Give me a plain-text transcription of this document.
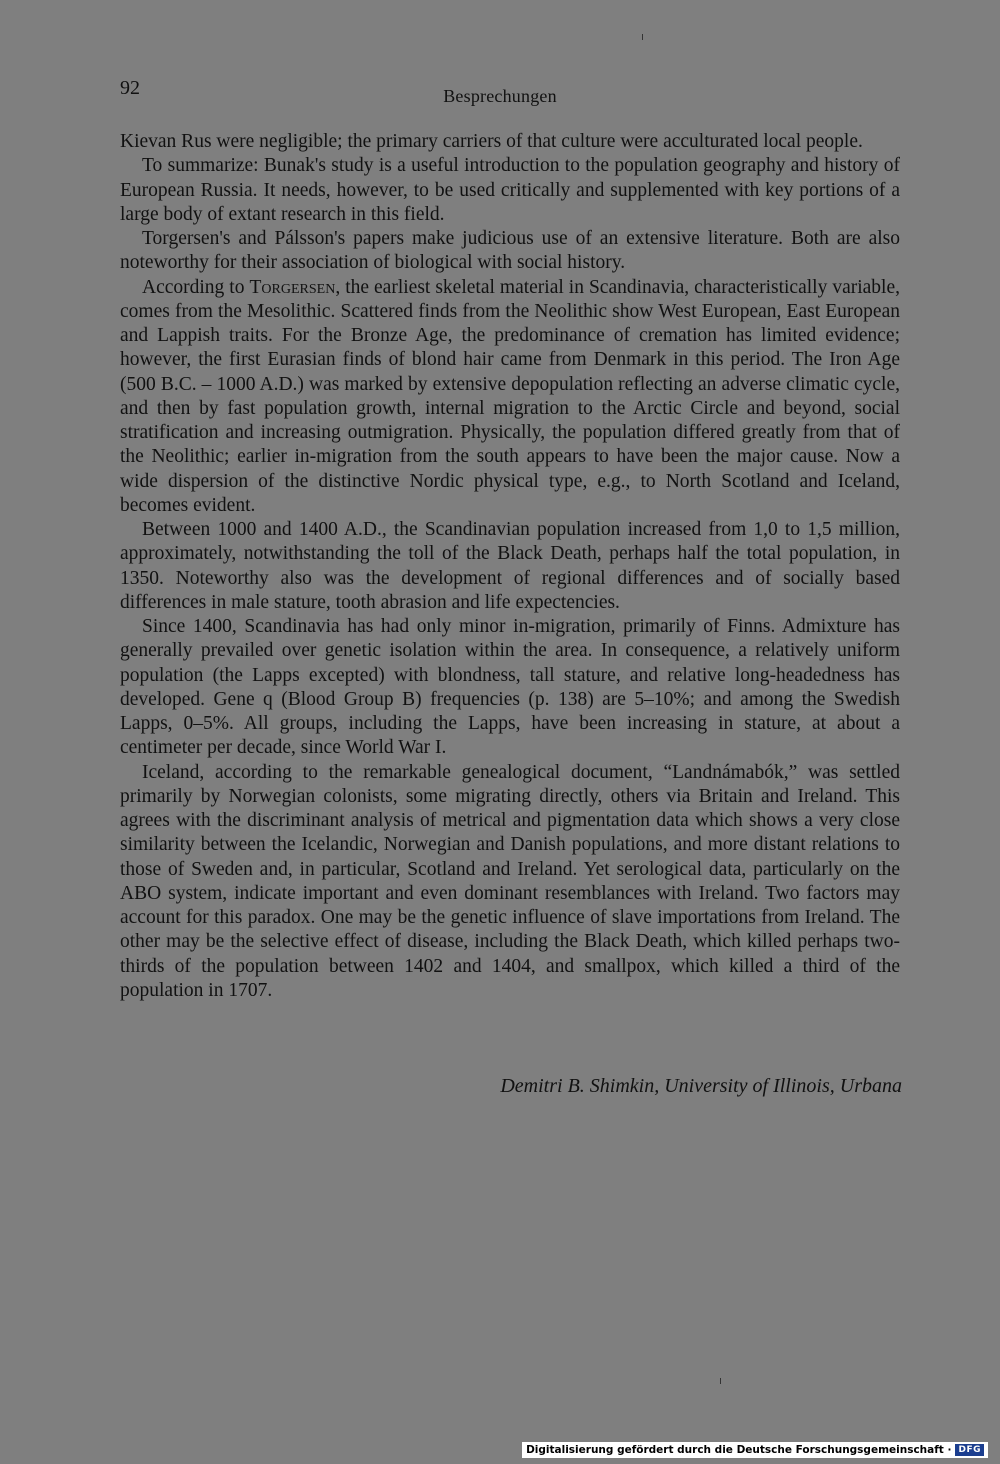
92	Besprechungen

Kievan Rus were negligible; the primary carriers of that culture were acculturated local people.

To summarize: Bunak's study is a useful introduction to the population geography and history of European Russia. It needs, however, to be used critically and supplemented with key portions of a large body of extant research in this field.

Torgersen's and Pálsson's papers make judicious use of an extensive literature. Both are also noteworthy for their association of biological with social history.

According to Torgersen, the earliest skeletal material in Scandinavia, characteristically variable, comes from the Mesolithic. Scattered finds from the Neolithic show West European, East European and Lappish traits. For the Bronze Age, the predominance of cremation has limited evidence; however, the first Eurasian finds of blond hair came from Denmark in this period. The Iron Age (500 B.C. – 1000 A.D.) was marked by extensive depopulation reflecting an adverse climatic cycle, and then by fast population growth, internal migration to the Arctic Circle and beyond, social stratification and increasing outmigration. Physically, the population differed greatly from that of the Neolithic; earlier in-migration from the south appears to have been the major cause. Now a wide dispersion of the distinctive Nordic physical type, e.g., to North Scotland and Iceland, becomes evident.

Between 1000 and 1400 A.D., the Scandinavian population increased from 1,0 to 1,5 million, approximately, notwithstanding the toll of the Black Death, perhaps half the total population, in 1350. Noteworthy also was the development of regional differences and of socially based differences in male stature, tooth abrasion and life expectencies.

Since 1400, Scandinavia has had only minor in-migration, primarily of Finns. Admixture has generally prevailed over genetic isolation within the area. In consequence, a relatively uniform population (the Lapps excepted) with blondness, tall stature, and relative long-headedness has developed. Gene q (Blood Group B) frequencies (p. 138) are 5–10%; and among the Swedish Lapps, 0–5%. All groups, including the Lapps, have been increasing in stature, at about a centimeter per decade, since World War I.

Iceland, according to the remarkable genealogical document, “Landnámabók,” was settled primarily by Norwegian colonists, some migrating directly, others via Britain and Ireland. This agrees with the discriminant analysis of metrical and pigmentation data which shows a very close similarity between the Icelandic, Norwegian and Danish populations, and more distant relations to those of Sweden and, in particular, Scotland and Ireland. Yet serological data, particularly on the ABO system, indicate important and even dominant resemblances with Ireland. Two factors may account for this paradox. One may be the genetic influence of slave importations from Ireland. The other may be the selective effect of disease, including the Black Death, which killed perhaps two-thirds of the population between 1402 and 1404, and smallpox, which killed a third of the population in 1707.

Demitri B. Shimkin, University of Illinois, Urbana
Digitalisierung gefördert durch die Deutsche Forschungsgemeinschaft · DFG
